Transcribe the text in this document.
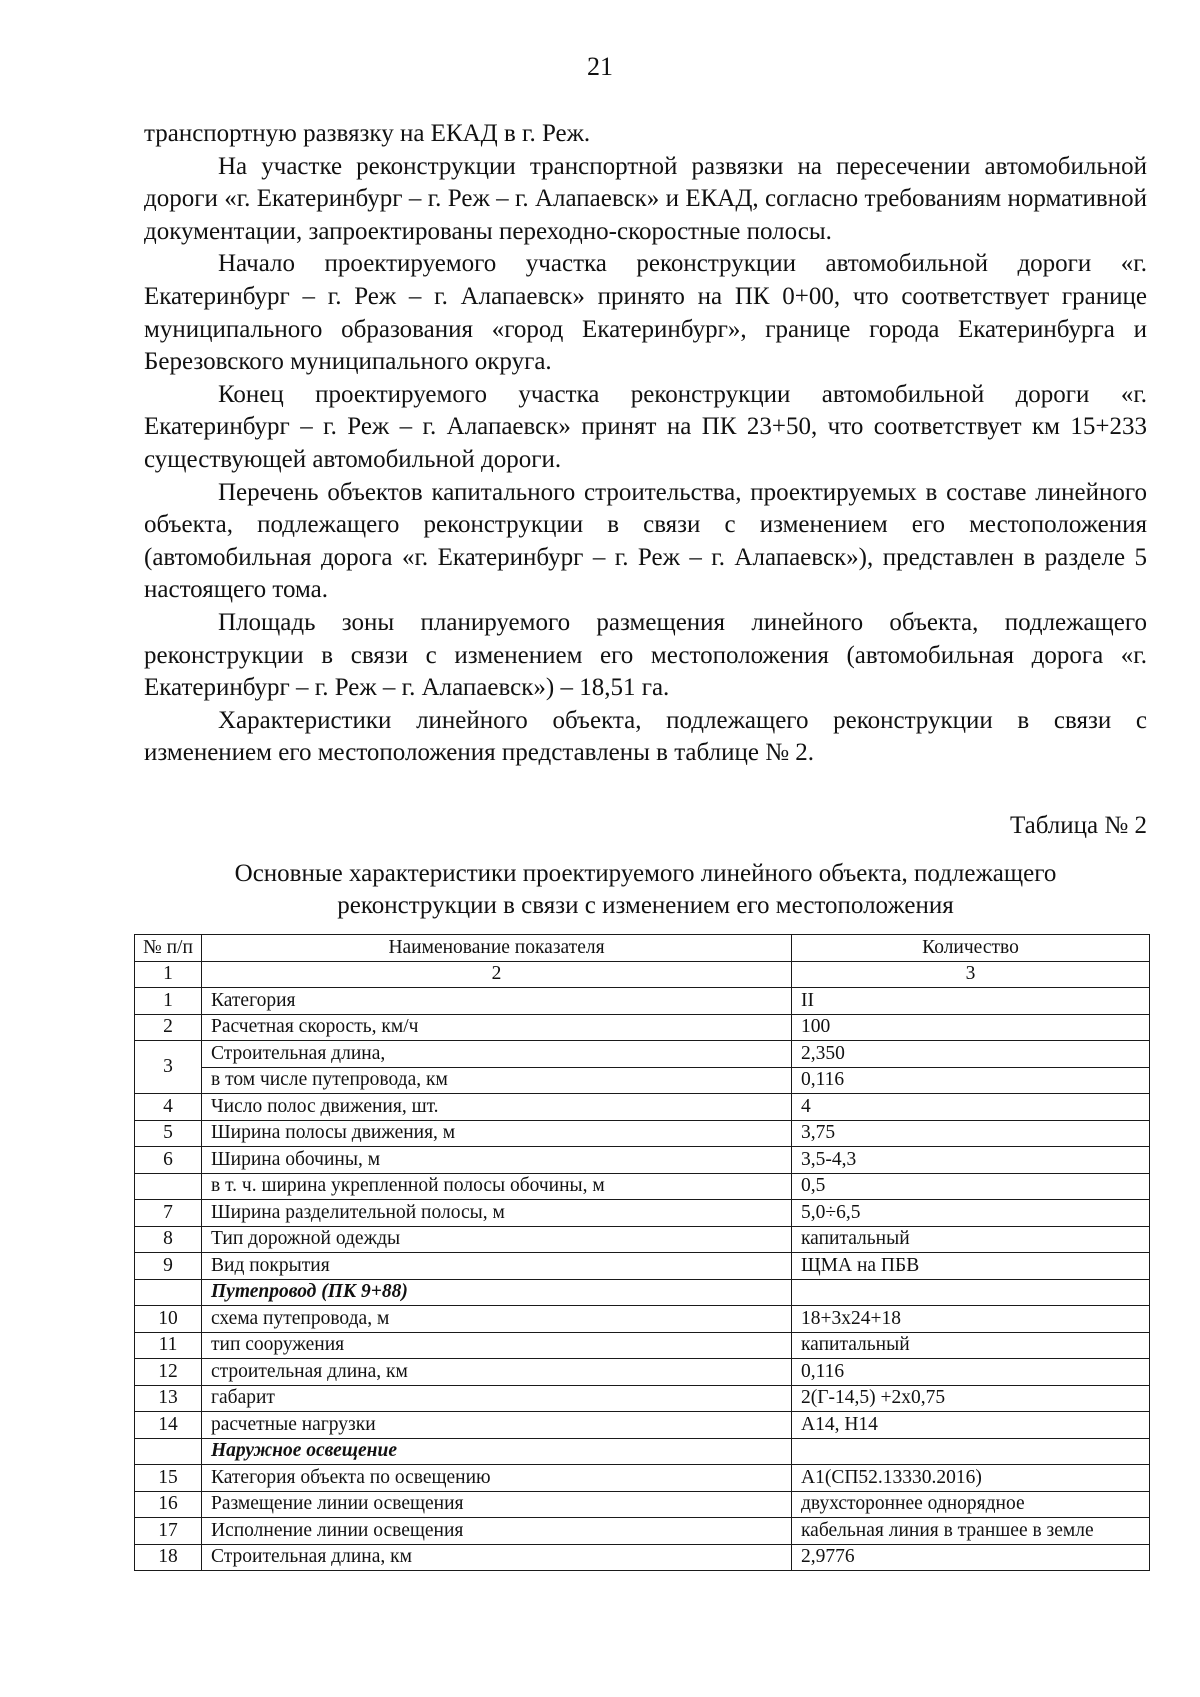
21

транспортную развязку на ЕКАД в г. Реж.

На участке реконструкции транспортной развязки на пересечении автомобильной дороги «г. Екатеринбург – г. Реж – г. Алапаевск» и ЕКАД, согласно требованиям нормативной документации, запроектированы переходно-скоростные полосы.

Начало проектируемого участка реконструкции автомобильной дороги «г. Екатеринбург – г. Реж – г. Алапаевск» принято на ПК 0+00, что соответствует границе муниципального образования «город Екатеринбург», границе города Екатеринбурга и Березовского муниципального округа.

Конец проектируемого участка реконструкции автомобильной дороги «г. Екатеринбург – г. Реж – г. Алапаевск» принят на ПК 23+50, что соответствует км 15+233 существующей автомобильной дороги.

Перечень объектов капитального строительства, проектируемых в составе линейного объекта, подлежащего реконструкции в связи с изменением его местоположения (автомобильная дорога «г. Екатеринбург – г. Реж – г. Алапаевск»), представлен в разделе 5 настоящего тома.

Площадь зоны планируемого размещения линейного объекта, подлежащего реконструкции в связи с изменением его местоположения (автомобильная дорога «г. Екатеринбург – г. Реж – г. Алапаевск») – 18,51 га.

Характеристики линейного объекта, подлежащего реконструкции в связи с изменением его местоположения представлены в таблице № 2.

Таблица № 2
Основные характеристики проектируемого линейного объекта, подлежащего
реконструкции в связи с изменением его местоположения
№ п/п	Наименование показателя	Количество
1	2	3
1	Категория	II
2	Расчетная скорость, км/ч	100
3	Строительная длина,	2,350
	в том числе путепровода, км	0,116
4	Число полос движения, шт.	4
5	Ширина полосы движения, м	3,75
6	Ширина обочины, м	3,5-4,3
	в т. ч. ширина укрепленной полосы обочины, м	0,5
7	Ширина разделительной полосы, м	5,0÷6,5
8	Тип дорожной одежды	капитальный
9	Вид покрытия	ЩМА на ПБВ
	Путепровод (ПК 9+88)	
10	схема путепровода, м	18+3х24+18
11	тип сооружения	капитальный
12	строительная длина, км	0,116
13	габарит	2(Г-14,5) +2х0,75
14	расчетные нагрузки	А14, Н14
	Наружное освещение	
15	Категория объекта по освещению	А1(СП52.13330.2016)
16	Размещение линии освещения	двухстороннее однорядное
17	Исполнение линии освещения	кабельная линия в траншее в земле
18	Строительная длина, км	2,9776
